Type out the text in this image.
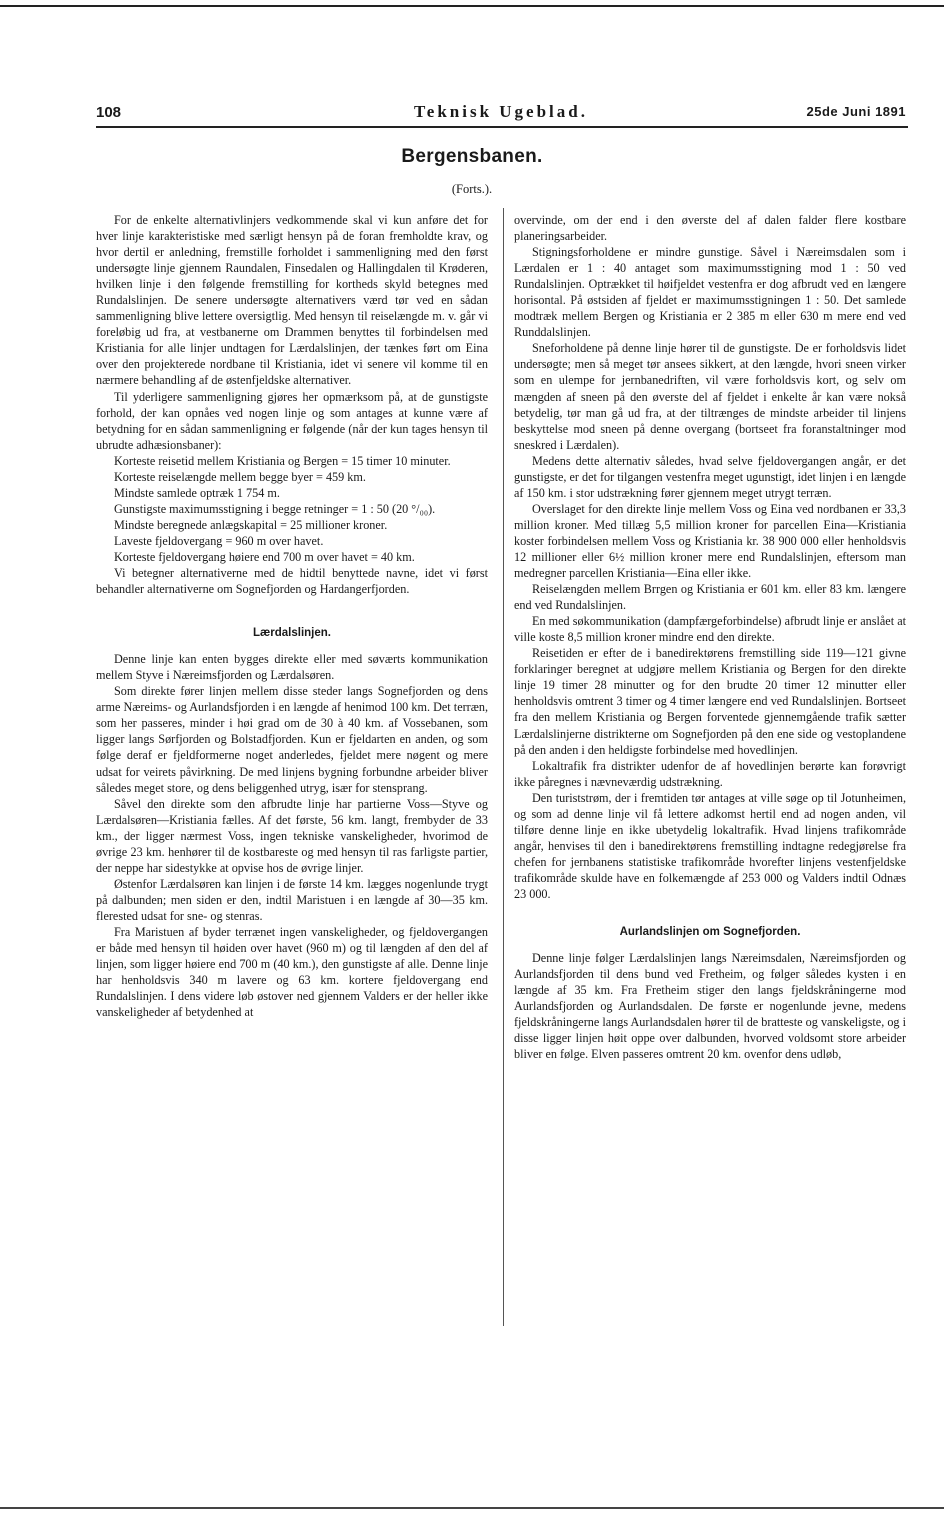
108	Teknisk Ugeblad.	25de Juni 1891
Bergensbanen.
(Forts.).

For de enkelte alternativlinjers vedkommende skal vi kun anføre det for hver linje karakteristiske med særligt hensyn på de foran fremholdte krav, og hvor dertil er anledning, fremstille forholdet i sammenligning med den først undersøgte linje gjennem Raundalen, Finsedalen og Hallingdalen til Krøderen, hvilken linje i den følgende fremstilling for kortheds skyld betegnes med Rundalslinjen. De senere undersøgte alternativers værd tør ved en sådan sammenligning blive lettere oversigtlig. Med hensyn til reiselængde m. v. går vi foreløbig ud fra, at vestbanerne om Drammen benyttes til forbindelsen med Kristiania for alle linjer undtagen for Lærdalslinjen, der tænkes ført om Eina over den projekterede nordbane til Kristiania, idet vi senere vil komme til en nærmere behandling af de østenfjeldske alternativer.

Til yderligere sammenligning gjøres her opmærksom på, at de gunstigste forhold, der kan opnåes ved nogen linje og som antages at kunne være af betydning for en sådan sammenligning er følgende (når der kun tages hensyn til ubrudte adhæsionsbaner):

Korteste reisetid mellem Kristiania og Bergen = 15 timer 10 minuter.

Korteste reiselængde mellem begge byer = 459 km.

Mindste samlede optræk 1 754 m.

Gunstigste maximumsstigning i begge retninger = 1 : 50 (20 °/₀₀).

Mindste beregnede anlægskapital = 25 millioner kroner.

Laveste fjeldovergang = 960 m over havet.

Korteste fjeldovergang høiere end 700 m over havet = 40 km.

Vi betegner alternativerne med de hidtil benyttede navne, idet vi først behandler alternativerne om Sognefjorden og Hardangerfjorden.

Lærdalslinjen.

Denne linje kan enten bygges direkte eller med søværts kommunikation mellem Styve i Næreimsfjorden og Lærdalsøren.

Som direkte fører linjen mellem disse steder langs Sognefjorden og dens arme Næreims- og Aurlandsfjorden i en længde af henimod 100 km. Det terræn, som her passeres, minder i høi grad om de 30 à 40 km. af Vossebanen, som ligger langs Sørfjorden og Bolstadfjorden. Kun er fjeldarten en anden, og som følge deraf er fjeldformerne noget anderledes, fjeldet mere nøgent og mere udsat for veirets påvirkning. De med linjens bygning forbundne arbeider bliver således meget store, og dens beliggenhed utryg, især for stensprang.

Såvel den direkte som den afbrudte linje har partierne Voss—Styve og Lærdalsøren—Kristiania fælles. Af det første, 56 km. langt, frembyder de 33 km., der ligger nærmest Voss, ingen tekniske vanskeligheder, hvorimod de øvrige 23 km. henhører til de kostbareste og med hensyn til ras farligste partier, der neppe har sidestykke at opvise hos de øvrige linjer.

Østenfor Lærdalsøren kan linjen i de første 14 km. lægges nogenlunde trygt på dalbunden; men siden er den, indtil Maristuen i en længde af 30—35 km. flerested udsat for sne- og stenras.

Fra Maristuen af byder terrænet ingen vanskeligheder, og fjeldovergangen er både med hensyn til høiden over havet (960 m) og til længden af den del af linjen, som ligger høiere end 700 m (40 km.), den gunstigste af alle. Denne linje har henholdsvis 340 m lavere og 63 km. kortere fjeldovergang end Rundalslinjen. I dens videre løb østover ned gjennem Valders er der heller ikke vanskeligheder af betydenhed at

overvinde, om der end i den øverste del af dalen falder flere kostbare planeringsarbeider.

Stigningsforholdene er mindre gunstige. Såvel i Næreimsdalen som i Lærdalen er 1 : 40 antaget som maximumsstigning mod 1 : 50 ved Rundalslinjen. Optrækket til høifjeldet vestenfra er dog afbrudt ved en længere horisontal. På østsiden af fjeldet er maximumsstigningen 1 : 50. Det samlede modtræk mellem Bergen og Kristiania er 2 385 m eller 630 m mere end ved Runddalslinjen.

Sneforholdene på denne linje hører til de gunstigste. De er forholdsvis lidet undersøgte; men så meget tør ansees sikkert, at den længde, hvori sneen virker som en ulempe for jernbanedriften, vil være forholdsvis kort, og selv om mængden af sneen på den øverste del af fjeldet i enkelte år kan være nokså betydelig, tør man gå ud fra, at der tiltrænges de mindste arbeider til linjens beskyttelse mod sneen på denne overgang (bortseet fra foranstaltninger mod sneskred i Lærdalen).

Medens dette alternativ således, hvad selve fjeldovergangen angår, er det gunstigste, er det for tilgangen vestenfra meget ugunstigt, idet linjen i en længde af 150 km. i stor udstrækning fører gjennem meget utrygt terræn.

Overslaget for den direkte linje mellem Voss og Eina ved nordbanen er 33,3 million kroner. Med tillæg 5,5 million kroner for parcellen Eina—Kristiania koster forbindelsen mellem Voss og Kristiania kr. 38 900 000 eller henholdsvis 12 millioner eller 6½ million kroner mere end Rundalslinjen, eftersom man medregner parcellen Kristiania—Eina eller ikke.

Reiselængden mellem Brrgen og Kristiania er 601 km. eller 83 km. længere end ved Rundalslinjen.

En med søkommunikation (dampfærgeforbindelse) afbrudt linje er anslået at ville koste 8,5 million kroner mindre end den direkte.

Reisetiden er efter de i banedirektørens fremstilling side 119—121 givne forklaringer beregnet at udgjøre mellem Kristiania og Bergen for den direkte linje 19 timer 28 minutter og for den brudte 20 timer 12 minutter eller henholdsvis omtrent 3 timer og 4 timer længere end ved Rundalslinjen. Bortseet fra den mellem Kristiania og Bergen forventede gjennemgående trafik sætter Lærdalslinjerne distrikterne om Sognefjorden på den ene side og vestoplandene på den anden i den heldigste forbindelse med hovedlinjen.

Lokaltrafik fra distrikter udenfor de af hovedlinjen berørte kan forøvrigt ikke påregnes i nævneværdig udstrækning.

Den turiststrøm, der i fremtiden tør antages at ville søge op til Jotunheimen, og som ad denne linje vil få lettere adkomst hertil end ad nogen anden, vil tilføre denne linje en ikke ubetydelig lokaltrafik. Hvad linjens trafikområde angår, henvises til den i banedirektørens fremstilling indtagne redegjørelse fra chefen for jernbanens statistiske trafikområde hvorefter linjens vestenfjeldske trafikområde skulde have en folkemængde af 253 000 og Valders indtil Odnæs 23 000.

Aurlandslinjen om Sognefjorden.

Denne linje følger Lærdalslinjen langs Næreimsdalen, Næreimsfjorden og Aurlandsfjorden til dens bund ved Fretheim, og følger således kysten i en længde af 35 km. Fra Fretheim stiger den langs fjeldskråningerne mod Aurlandsfjorden og Aurlandsdalen. De første er nogenlunde jevne, medens fjeldskråningerne langs Aurlandsdalen hører til de bratteste og vanskeligste, og i disse ligger linjen høit oppe over dalbunden, hvorved voldsomt store arbeider bliver en følge. Elven passeres omtrent 20 km. ovenfor dens udløb,
